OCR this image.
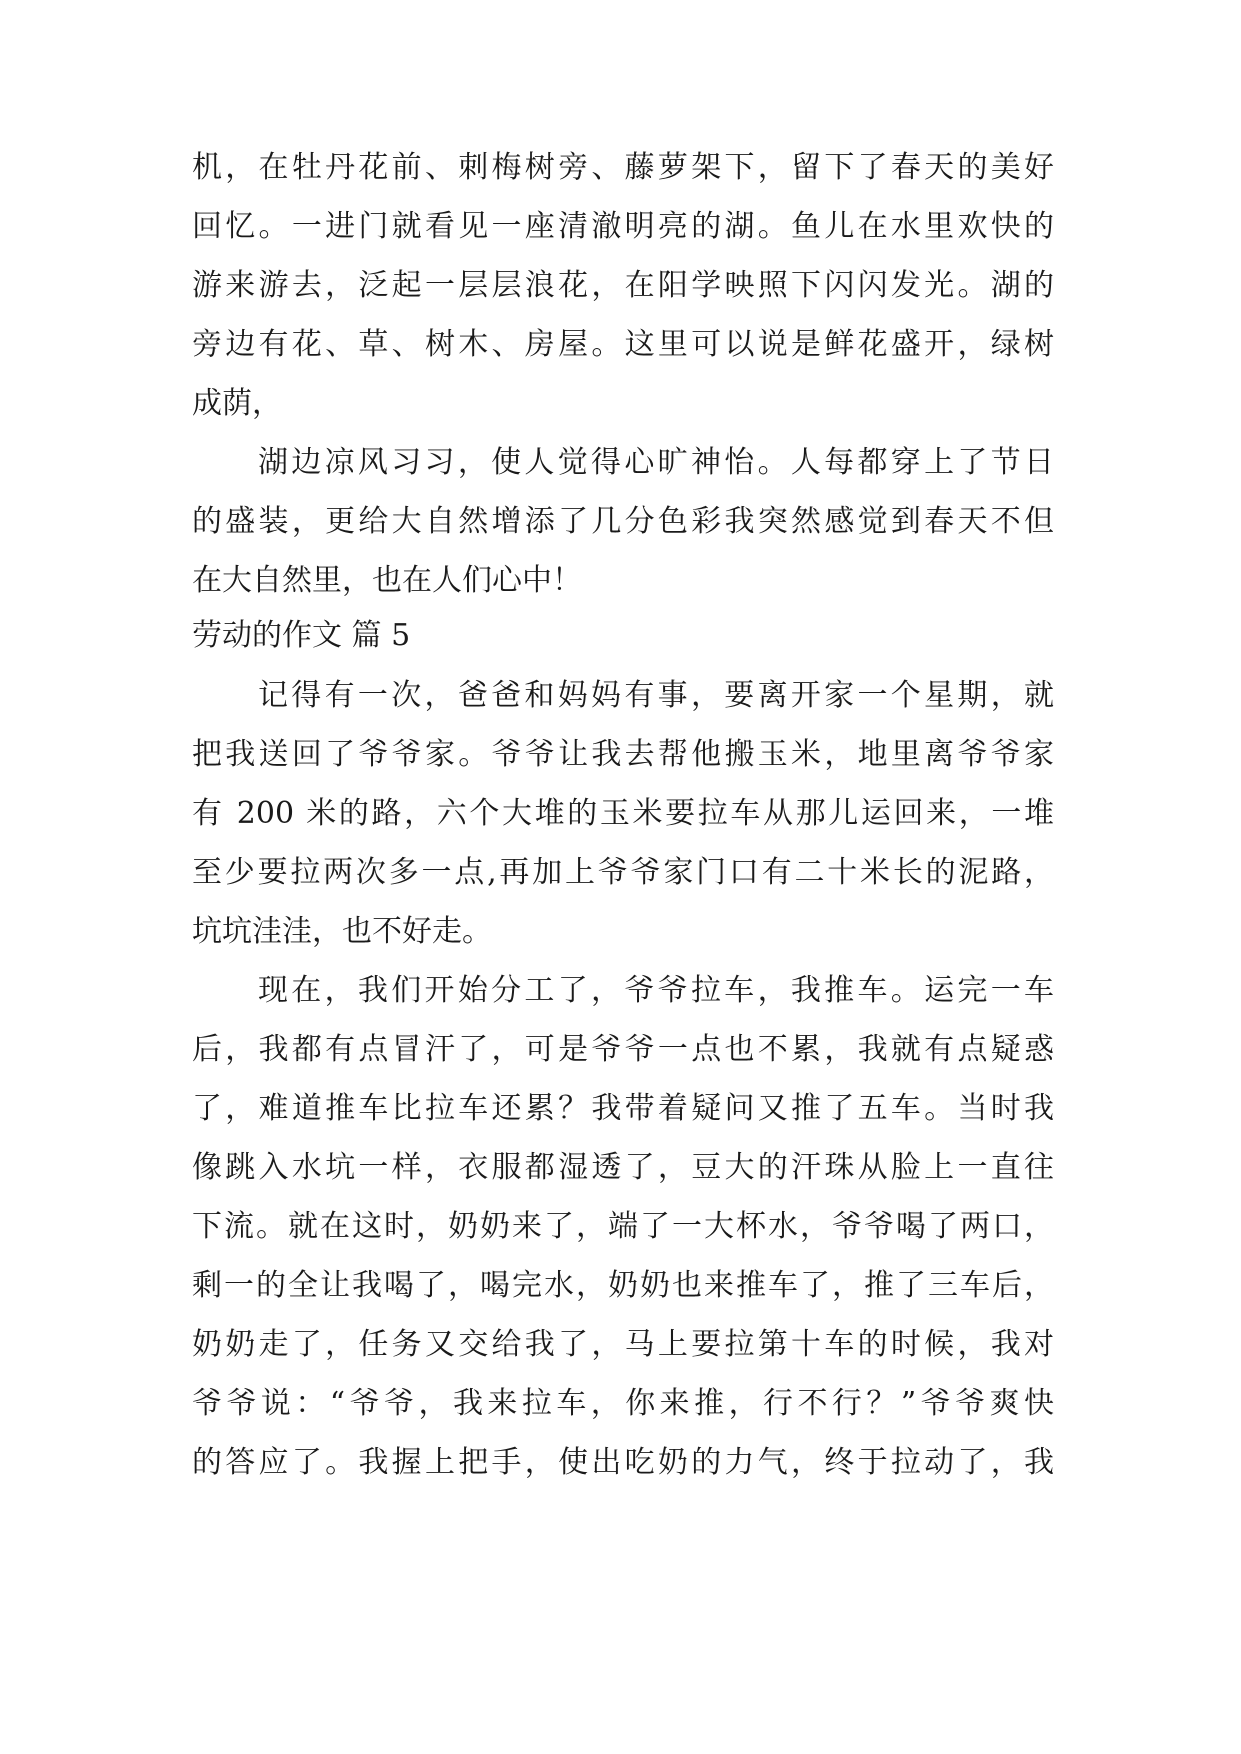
机，在牡丹花前、刺梅树旁、藤萝架下，留下了春天的美好
回忆。一进门就看见一座清澈明亮的湖。鱼儿在水里欢快的
游来游去，泛起一层层浪花，在阳学映照下闪闪发光。湖的
旁边有花、草、树木、房屋。这里可以说是鲜花盛开，绿树
成荫，
湖边凉风习习，使人觉得心旷神怡。人每都穿上了节日
的盛装，更给大自然增添了几分色彩我突然感觉到春天不但
在大自然里，也在人们心中！
劳动的作文 篇 5
记得有一次，爸爸和妈妈有事，要离开家一个星期，就
把我送回了爷爷家。爷爷让我去帮他搬玉米，地里离爷爷家
有 200 米的路，六个大堆的玉米要拉车从那儿运回来，一堆
至少要拉两次多一点,再加上爷爷家门口有二十米长的泥路，
坑坑洼洼，也不好走。
现在，我们开始分工了，爷爷拉车，我推车。运完一车
后，我都有点冒汗了，可是爷爷一点也不累，我就有点疑惑
了，难道推车比拉车还累？我带着疑问又推了五车。当时我
像跳入水坑一样，衣服都湿透了，豆大的汗珠从脸上一直往
下流。就在这时，奶奶来了，端了一大杯水，爷爷喝了两口，
剩一的全让我喝了，喝完水，奶奶也来推车了，推了三车后，
奶奶走了，任务又交给我了，马上要拉第十车的时候，我对
爷爷说：“爷爷，我来拉车，你来推，行不行？”爷爷爽快
的答应了。我握上把手，使出吃奶的力气，终于拉动了，我
